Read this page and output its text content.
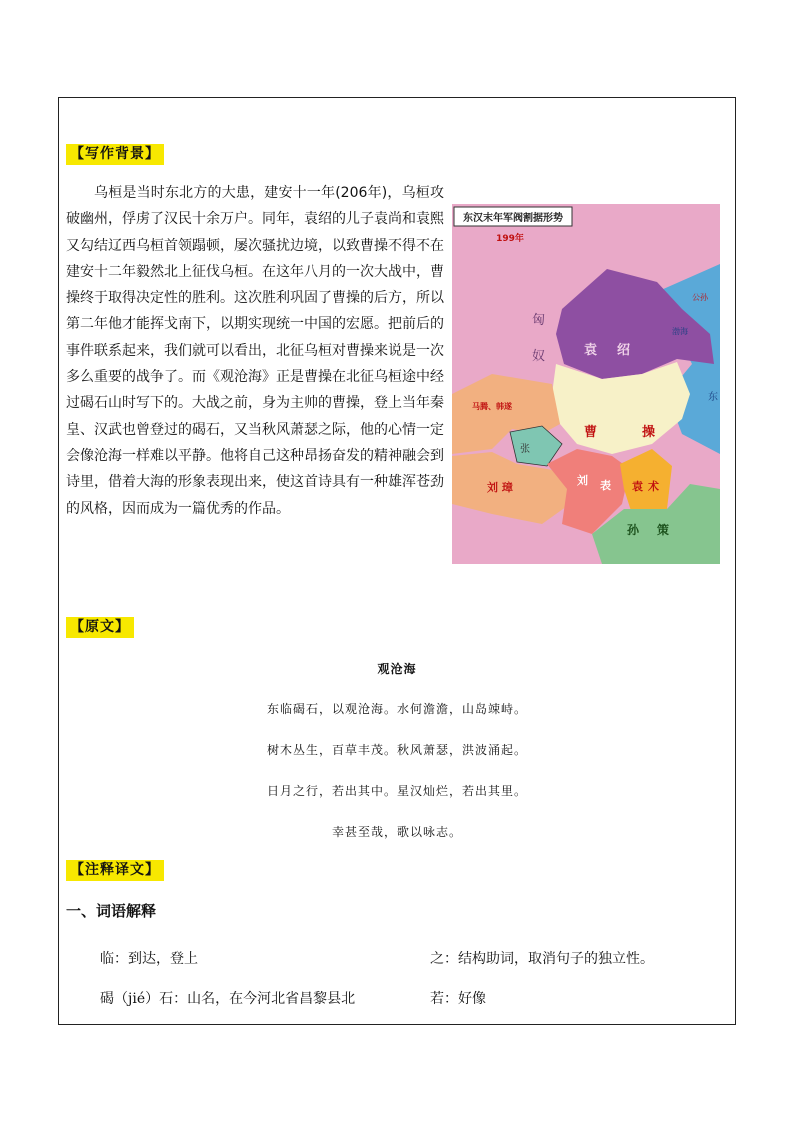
【写作背景】

乌桓是当时东北方的大患，建安十一年(206年)，乌桓攻破幽州，俘虏了汉民十余万户。同年，袁绍的儿子袁尚和袁熙又勾结辽西乌桓首领蹋顿，屡次骚扰边境，以致曹操不得不在建安十二年毅然北上征伐乌桓。在这年八月的一次大战中，曹操终于取得决定性的胜利。这次胜利巩固了曹操的后方，所以第二年他才能挥戈南下，以期实现统一中国的宏愿。把前后的事件联系起来，我们就可以看出，北征乌桓对曹操来说是一次多么重要的战争了。而《观沧海》正是曹操在北征乌桓途中经过碣石山时写下的。大战之前，身为主帅的曹操，登上当年秦皇、汉武也曾登过的碣石，又当秋风萧瑟之际，他的心情一定会像沧海一样难以平静。他将自己这种昂扬奋发的精神融会到诗里，借着大海的形象表现出来，使这首诗具有一种雄浑苍劲的风格，因而成为一篇优秀的作品。

东汉末年军阀割据形势
199年
匈
奴	袁 绍
曹	操
马腾、韩遂
张
刘 璋
刘 表 袁 术
孙 策
公孙
渤海
东
【原文】
观沧海
东临碣石，以观沧海。水何澹澹，山岛竦峙。
树木丛生，百草丰茂。秋风萧瑟，洪波涌起。
日月之行，若出其中。星汉灿烂，若出其里。
幸甚至哉，歌以咏志。
【注释译文】
一、词语解释
临：到达，登上	之：结构助词，取消句子的独立性。
碣（jié）石：山名，在今河北省昌黎县北	若：好像
